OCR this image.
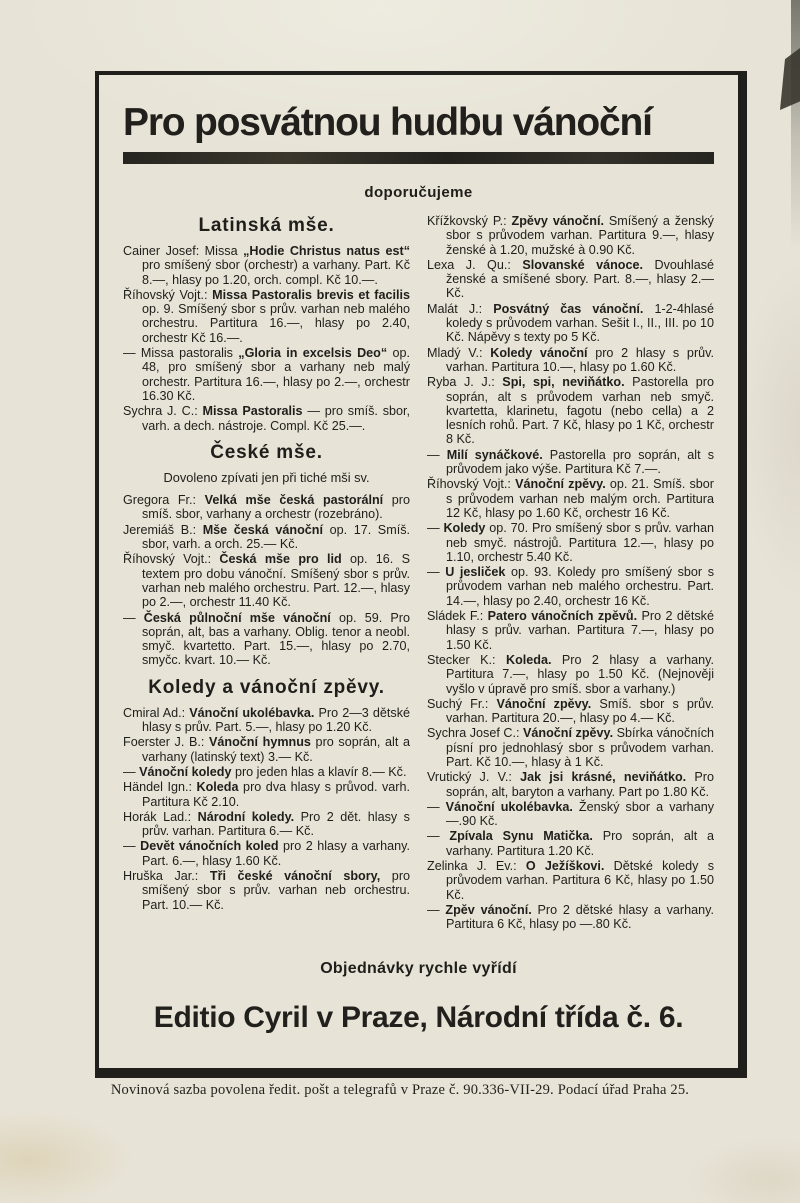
Pro posvátnou hudbu vánoční
doporučujeme
Latinská mše.

Cainer Josef: Missa „Hodie Christus natus est“ pro smíšený sbor (orchestr) a varhany. Part. Kč 8.—, hlasy po 1.20, orch. compl. Kč 10.—.

Říhovský Vojt.: Missa Pastoralis brevis et facilis op. 9. Smíšený sbor s prův. varhan neb malého orchestru. Partitura 16.—, hlasy po 2.40, orchestr Kč 16.—.

— Missa pastoralis „Gloria in excelsis Deo“ op. 48, pro smíšený sbor a varhany neb malý orchestr. Partitura 16.—, hlasy po 2.—, orchestr 16.30 Kč.

Sychra J. C.: Missa Pastoralis — pro smíš. sbor, varh. a dech. nástroje. Compl. Kč 25.—.

České mše.
Dovoleno zpívati jen při tiché mši sv.

Gregora Fr.: Velká mše česká pastorální pro smíš. sbor, varhany a orchestr (rozebráno).

Jeremiáš B.: Mše česká vánoční op. 17. Smíš. sbor, varh. a orch. 25.— Kč.

Říhovský Vojt.: Česká mše pro lid op. 16. S textem pro dobu vánoční. Smíšený sbor s prův. varhan neb malého orchestru. Part. 12.—, hlasy po 2.—, orchestr 11.40 Kč.

— Česká půlnoční mše vánoční op. 59. Pro soprán, alt, bas a varhany. Oblig. tenor a neobl. smyč. kvartetto. Part. 15.—, hlasy po 2.70, smyčc. kvart. 10.— Kč.

Koledy a vánoční zpěvy.

Cmiral Ad.: Vánoční ukolébavka. Pro 2—3 dětské hlasy s prův. Part. 5.—, hlasy po 1.20 Kč.

Foerster J. B.: Vánoční hymnus pro soprán, alt a varhany (latinský text) 3.— Kč.

— Vánoční koledy pro jeden hlas a klavír 8.— Kč.

Händel Ign.: Koleda pro dva hlasy s průvod. varh. Partitura Kč 2.10.

Horák Lad.: Národní koledy. Pro 2 dět. hlasy s prův. varhan. Partitura 6.— Kč.

— Devět vánočních koled pro 2 hlasy a varhany. Part. 6.—, hlasy 1.60 Kč.

Hruška Jar.: Tři české vánoční sbory, pro smíšený sbor s prův. varhan neb orchestru. Part. 10.— Kč.

Křížkovský P.: Zpěvy vánoční. Smíšený a ženský sbor s průvodem varhan. Partitura 9.—, hlasy ženské à 1.20, mužské à 0.90 Kč.

Lexa J. Qu.: Slovanské vánoce. Dvouhlasé ženské a smíšené sbory. Part. 8.—, hlasy 2.— Kč.

Malát J.: Posvátný čas vánoční. 1-2-4hlasé koledy s průvodem varhan. Sešit I., II., III. po 10 Kč. Nápěvy s texty po 5 Kč.

Mladý V.: Koledy vánoční pro 2 hlasy s prův. varhan. Partitura 10.—, hlasy po 1.60 Kč.

Ryba J. J.: Spi, spi, neviňátko. Pastorella pro soprán, alt s průvodem varhan neb smyč. kvartetta, klarinetu, fagotu (nebo cella) a 2 lesních rohů. Part. 7 Kč, hlasy po 1 Kč, orchestr 8 Kč.

— Milí synáčkové. Pastorella pro soprán, alt s průvodem jako výše. Partitura Kč 7.—.

Říhovský Vojt.: Vánoční zpěvy. op. 21. Smíš. sbor s průvodem varhan neb malým orch. Partitura 12 Kč, hlasy po 1.60 Kč, orchestr 16 Kč.

— Koledy op. 70. Pro smíšený sbor s prův. varhan neb smyč. nástrojů. Partitura 12.—, hlasy po 1.10, orchestr 5.40 Kč.

— U jesliček op. 93. Koledy pro smíšený sbor s průvodem varhan neb malého orchestru. Part. 14.—, hlasy po 2.40, orchestr 16 Kč.

Sládek F.: Patero vánočních zpěvů. Pro 2 dětské hlasy s prův. varhan. Partitura 7.—, hlasy po 1.50 Kč.

Stecker K.: Koleda. Pro 2 hlasy a varhany. Partitura 7.—, hlasy po 1.50 Kč. (Nejnověji vyšlo v úpravě pro smíš. sbor a varhany.)

Suchý Fr.: Vánoční zpěvy. Smíš. sbor s prův. varhan. Partitura 20.—, hlasy po 4.— Kč.

Sychra Josef C.: Vánoční zpěvy. Sbírka vánočních písní pro jednohlasý sbor s průvodem varhan. Part. Kč 10.—, hlasy à 1 Kč.

Vrutický J. V.: Jak jsi krásné, neviňátko. Pro soprán, alt, baryton a varhany. Part po 1.80 Kč.

— Vánoční ukolébavka. Ženský sbor a varhany —.90 Kč.

— Zpívala Synu Matička. Pro soprán, alt a varhany. Partitura 1.20 Kč.

Zelinka J. Ev.: O Ježíškovi. Dětské koledy s průvodem varhan. Partitura 6 Kč, hlasy po 1.50 Kč.

— Zpěv vánoční. Pro 2 dětské hlasy a varhany. Partitura 6 Kč, hlasy po —.80 Kč.

Objednávky rychle vyřídí
Editio Cyril v Praze, Národní třída č. 6.
Novinová sazba povolena ředit. pošt a telegrafů v Praze č. 90.336-VII-29. Podací úřad Praha 25.
